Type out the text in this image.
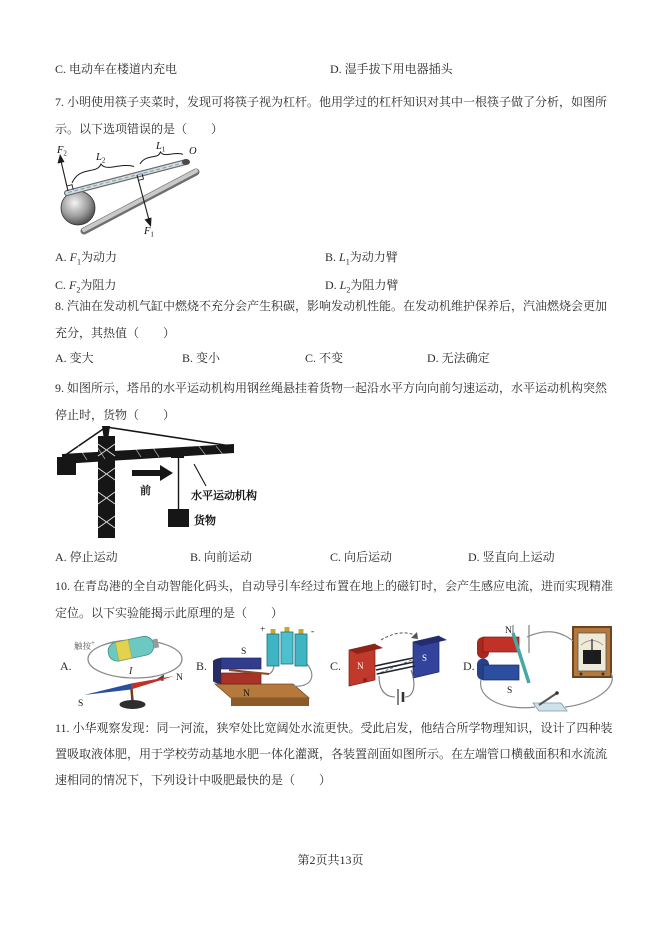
C. 电动车在楼道内充电	D. 湿手拔下用电器插头
7. 小明使用筷子夹菜时，发现可将筷子视为杠杆。他用学过的杠杆知识对其中一根筷子做了分析，如图所
示。以下选项错误的是（　　）
$F_2$	$L_2$
$L_1$ O
$F_1$
A. $F_1$为动力	B. $L_1$为动力臂
C. $F_2$为阻力	D. $L_2$为阻力臂
8. 汽油在发动机气缸中燃烧不充分会产生积碳，影响发动机性能。在发动机维护保养后，汽油燃烧会更加
充分，其热值（　　）
A. 变大	B. 变小	C. 不变	D. 无法确定
9. 如图所示，塔吊的水平运动机构用钢丝绳悬挂着货物一起沿水平方向向前匀速运动，水平运动机构突然
停止时，货物（　　）
前	水平运动机构
货物
A. 停止运动	B. 向前运动	C. 向后运动	D. 竖直向上运动
10. 在青岛港的全自动智能化码头，自动导引车经过布置在地上的磁钉时，会产生感应电流，进而实现精准
定位。以下实验能揭示此原理的是（　　）
A.	B.	C.	D.
触按+
I
S
N
+	-
S
N
N
S
N
S
11. 小华观察发现：同一河流，狭窄处比宽阔处水流更快。受此启发，他结合所学物理知识，设计了四种装
置吸取液体肥，用于学校劳动基地水肥一体化灌溉，各装置剖面如图所示。在左端管口横截面积和水流流
速相同的情况下，下列设计中吸肥最快的是（　　）
第2页共13页
